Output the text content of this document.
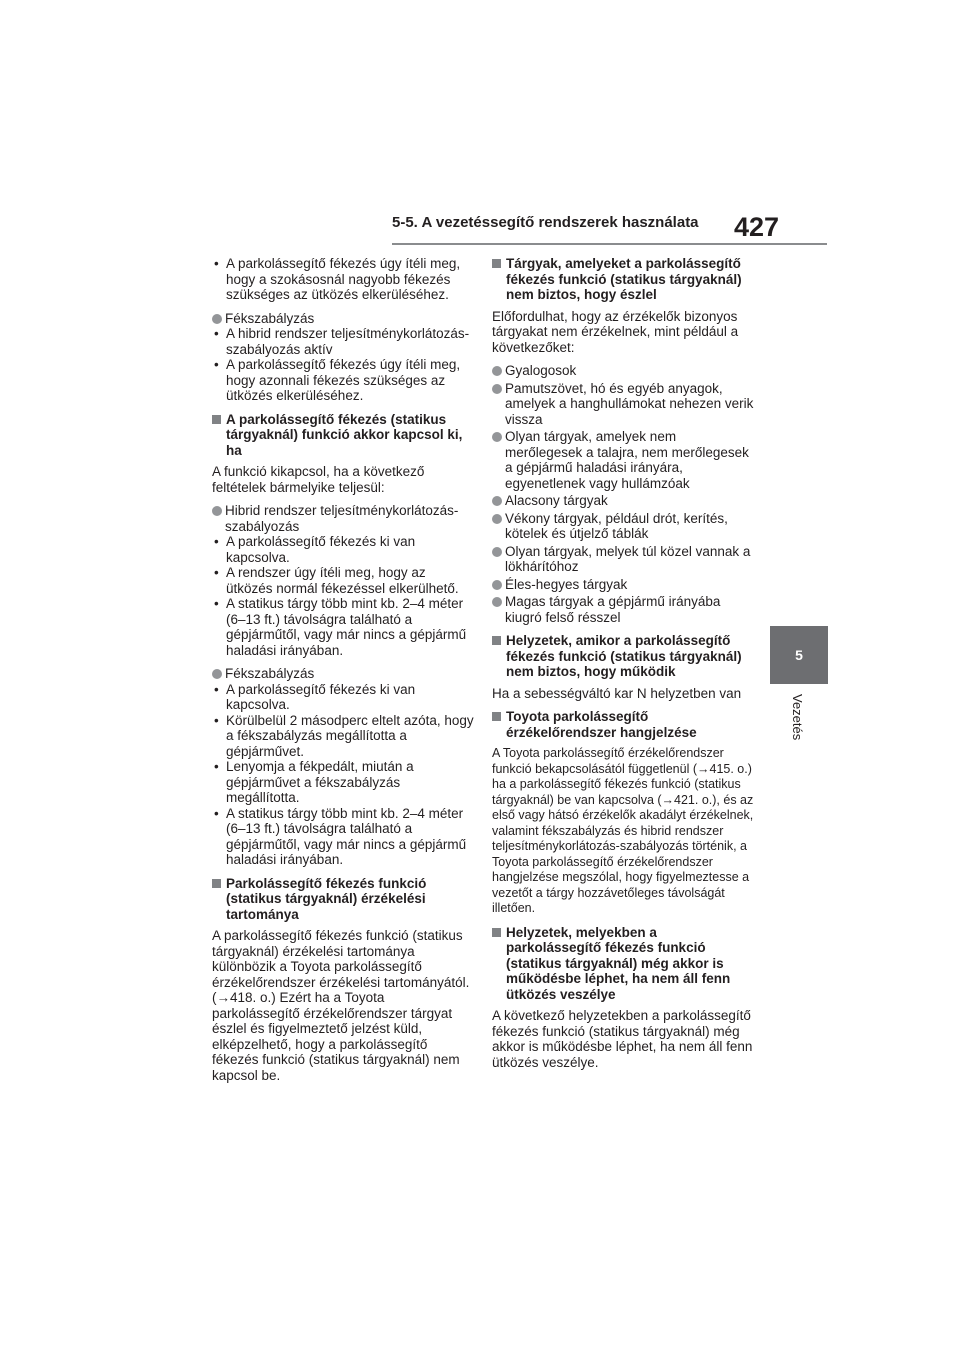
5-5. A vezetéssegítő rendszerek használata 427
5
Vezetés
• A parkolássegítő fékezés úgy ítéli meg, hogy a szokásosnál nagyobb fékezés szükséges az ütközés elkerüléséhez.

Fékszabályzás

• A hibrid rendszer teljesítménykorlátozás-szabályozás aktív
• A parkolássegítő fékezés úgy ítéli meg, hogy azonnali fékezés szükséges az ütközés elkerüléséhez.

A parkolássegítő fékezés (statikus tárgyaknál) funkció akkor kapcsol ki, ha

A funkció kikapcsol, ha a következő feltételek bármelyike teljesül:

Hibrid rendszer teljesítménykorlátozás-szabályozás

• A parkolássegítő fékezés ki van kapcsolva.
• A rendszer úgy ítéli meg, hogy az ütközés normál fékezéssel elkerülhető.
• A statikus tárgy több mint kb. 2–4 méter (6–13 ft.) távolságra található a gépjárműtől, vagy már nincs a gépjármű haladási irányában.

Fékszabályzás

• A parkolássegítő fékezés ki van kapcsolva.
• Körülbelül 2 másodperc eltelt azóta, hogy a fékszabályzás megállította a gépjárművet.
• Lenyomja a fékpedált, miután a gépjárművet a fékszabályzás megállította.
• A statikus tárgy több mint kb. 2–4 méter (6–13 ft.) távolságra található a gépjárműtől, vagy már nincs a gépjármű haladási irányában.

Parkolássegítő fékezés funkció (statikus tárgyaknál) érzékelési tartománya

A parkolássegítő fékezés funkció (statikus tárgyaknál) érzékelési tartománya különbözik a Toyota parkolássegítő érzékelőrendszer érzékelési tartományától. (→418. o.) Ezért ha a Toyota parkolássegítő érzékelőrendszer tárgyat észlel és figyelmeztető jelzést küld, elképzelhető, hogy a parkolássegítő fékezés funkció (statikus tárgyaknál) nem kapcsol be.

Tárgyak, amelyeket a parkolássegítő fékezés funkció (statikus tárgyaknál) nem biztos, hogy észlel

Előfordulhat, hogy az érzékelők bizonyos tárgyakat nem érzékelnek, mint például a következőket:

Gyalogosok

Pamutszövet, hó és egyéb anyagok, amelyek a hanghullámokat nehezen verik vissza

Olyan tárgyak, amelyek nem merőlegesek a talajra, nem merőlegesek a gépjármű haladási irányára, egyenetlenek vagy hullámzóak

Alacsony tárgyak

Vékony tárgyak, például drót, kerítés, kötelek és útjelző táblák

Olyan tárgyak, melyek túl közel vannak a lökhárítóhoz

Éles-hegyes tárgyak

Magas tárgyak a gépjármű irányába kiugró felső résszel

Helyzetek, amikor a parkolássegítő fékezés funkció (statikus tárgyaknál) nem biztos, hogy működik

Ha a sebességváltó kar N helyzetben van

Toyota parkolássegítő érzékelőrendszer hangjelzése

A Toyota parkolássegítő érzékelőrendszer funkció bekapcsolásától függetlenül (→415. o.) ha a parkolássegítő fékezés funkció (statikus tárgyaknál) be van kapcsolva (→421. o.), és az első vagy hátsó érzékelők akadályt érzékelnek, valamint fékszabályzás és hibrid rendszer teljesítménykorlátozás-szabályozás történik, a Toyota parkolássegítő érzékelőrendszer hangjelzése megszólal, hogy figyelmeztesse a vezetőt a tárgy hozzávetőleges távolságát illetően.

Helyzetek, melyekben a parkolássegítő fékezés funkció (statikus tárgyaknál) még akkor is működésbe léphet, ha nem áll fenn ütközés veszélye

A következő helyzetekben a parkolássegítő fékezés funkció (statikus tárgyaknál) még akkor is működésbe léphet, ha nem áll fenn ütközés veszélye.
